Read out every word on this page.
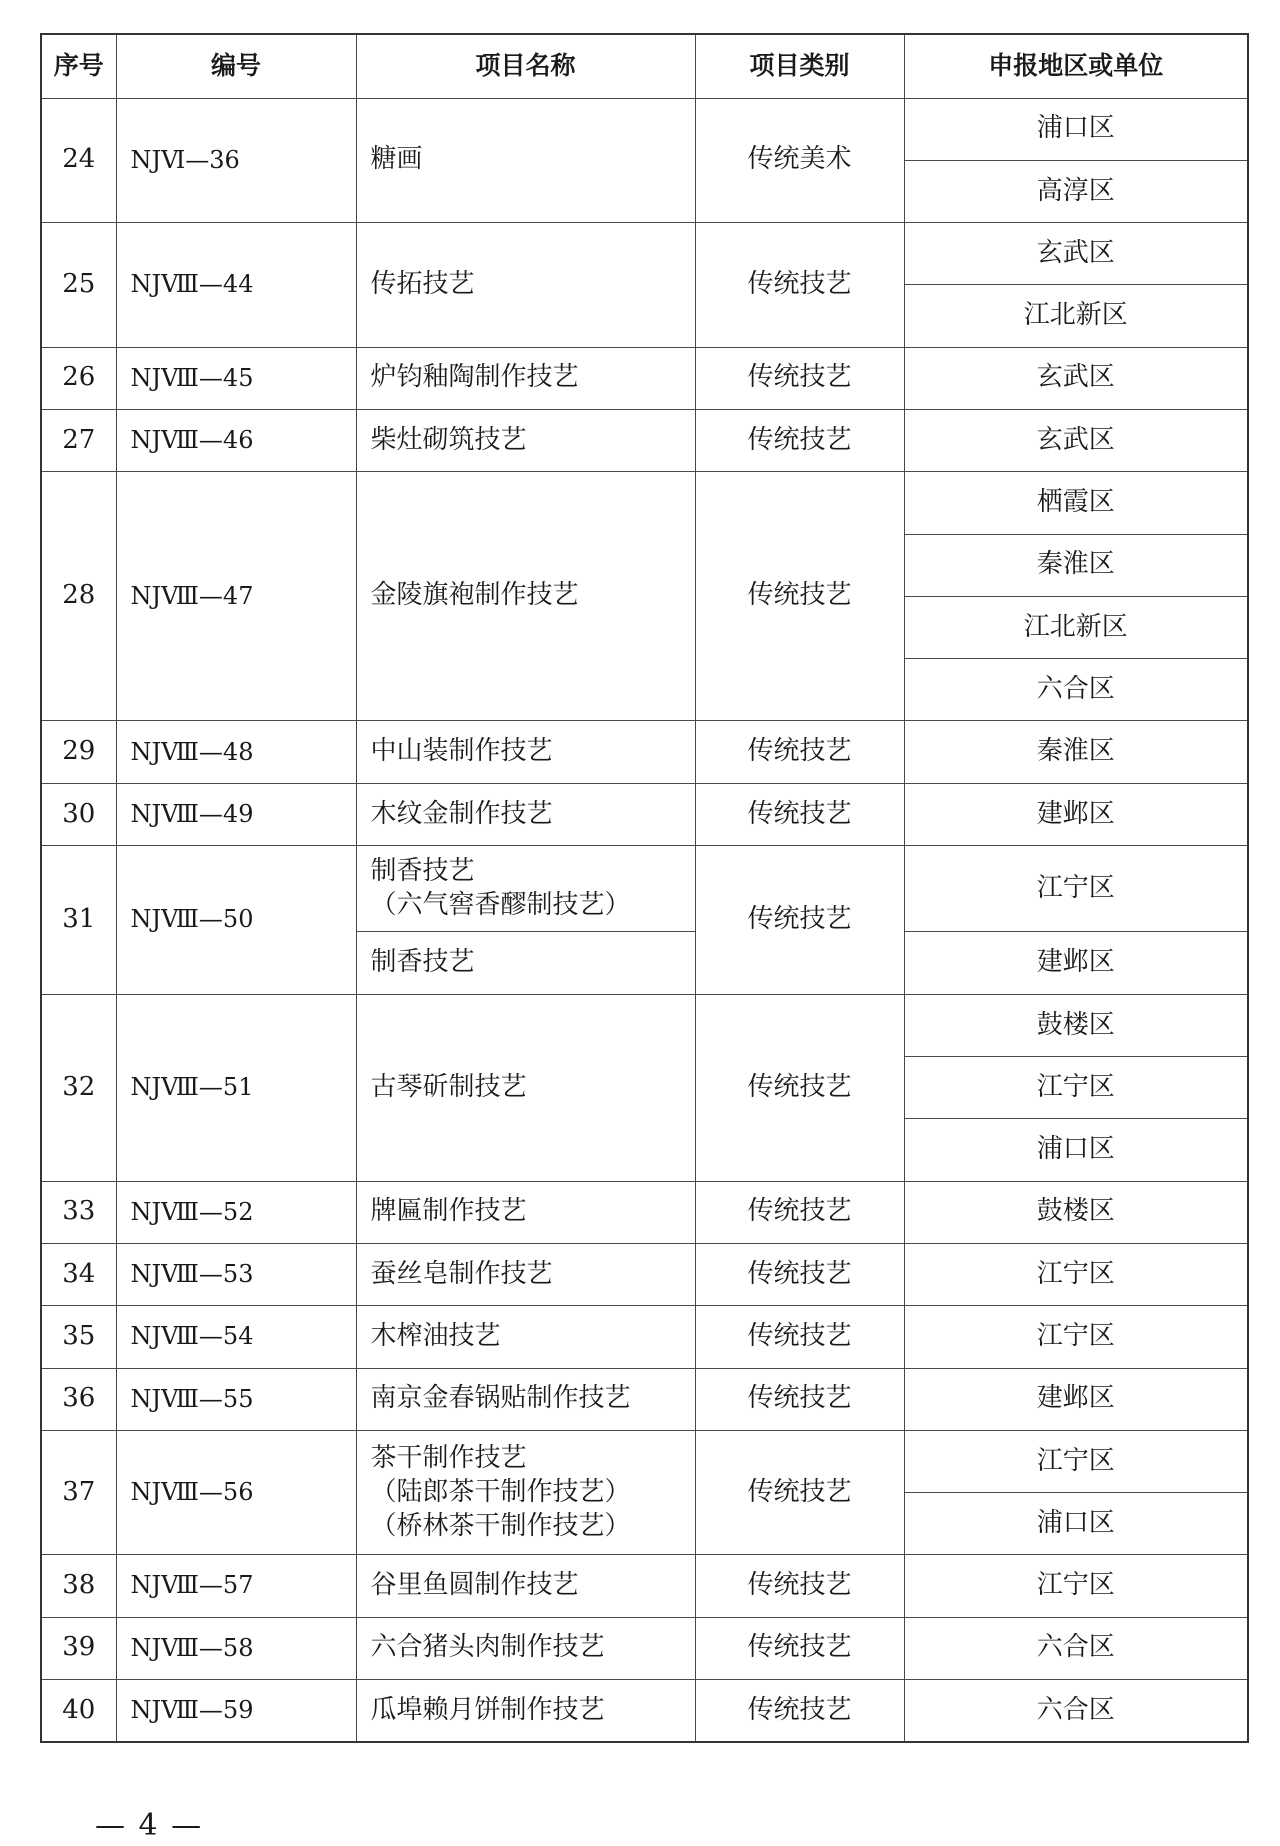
序号	编号	项目名称	项目类别	申报地区或单位
24	NJⅥ—36	糖画	传统美术	浦口区
				高淳区
25	NJⅧ—44	传拓技艺	传统技艺	玄武区
				江北新区
26	NJⅧ—45	炉钧釉陶制作技艺	传统技艺	玄武区
27	NJⅧ—46	柴灶砌筑技艺	传统技艺	玄武区
28	NJⅧ—47	金陵旗袍制作技艺	传统技艺	栖霞区
				秦淮区
				江北新区
				六合区
29	NJⅧ—48	中山装制作技艺	传统技艺	秦淮区
30	NJⅧ—49	木纹金制作技艺	传统技艺	建邺区
31	NJⅧ—50	制香技艺
（六气窖香醪制技艺）	传统技艺	江宁区
		制香技艺		建邺区
32	NJⅧ—51	古琴斫制技艺	传统技艺	鼓楼区
				江宁区
				浦口区
33	NJⅧ—52	牌匾制作技艺	传统技艺	鼓楼区
34	NJⅧ—53	蚕丝皂制作技艺	传统技艺	江宁区
35	NJⅧ—54	木榨油技艺	传统技艺	江宁区
36	NJⅧ—55	南京金春锅贴制作技艺	传统技艺	建邺区
37	NJⅧ—56	茶干制作技艺
（陆郎茶干制作技艺）
（桥林茶干制作技艺）	传统技艺	江宁区
				浦口区
38	NJⅧ—57	谷里鱼圆制作技艺	传统技艺	江宁区
39	NJⅧ—58	六合猪头肉制作技艺	传统技艺	六合区
40	NJⅧ—59	瓜埠赖月饼制作技艺	传统技艺	六合区
— 4 —
